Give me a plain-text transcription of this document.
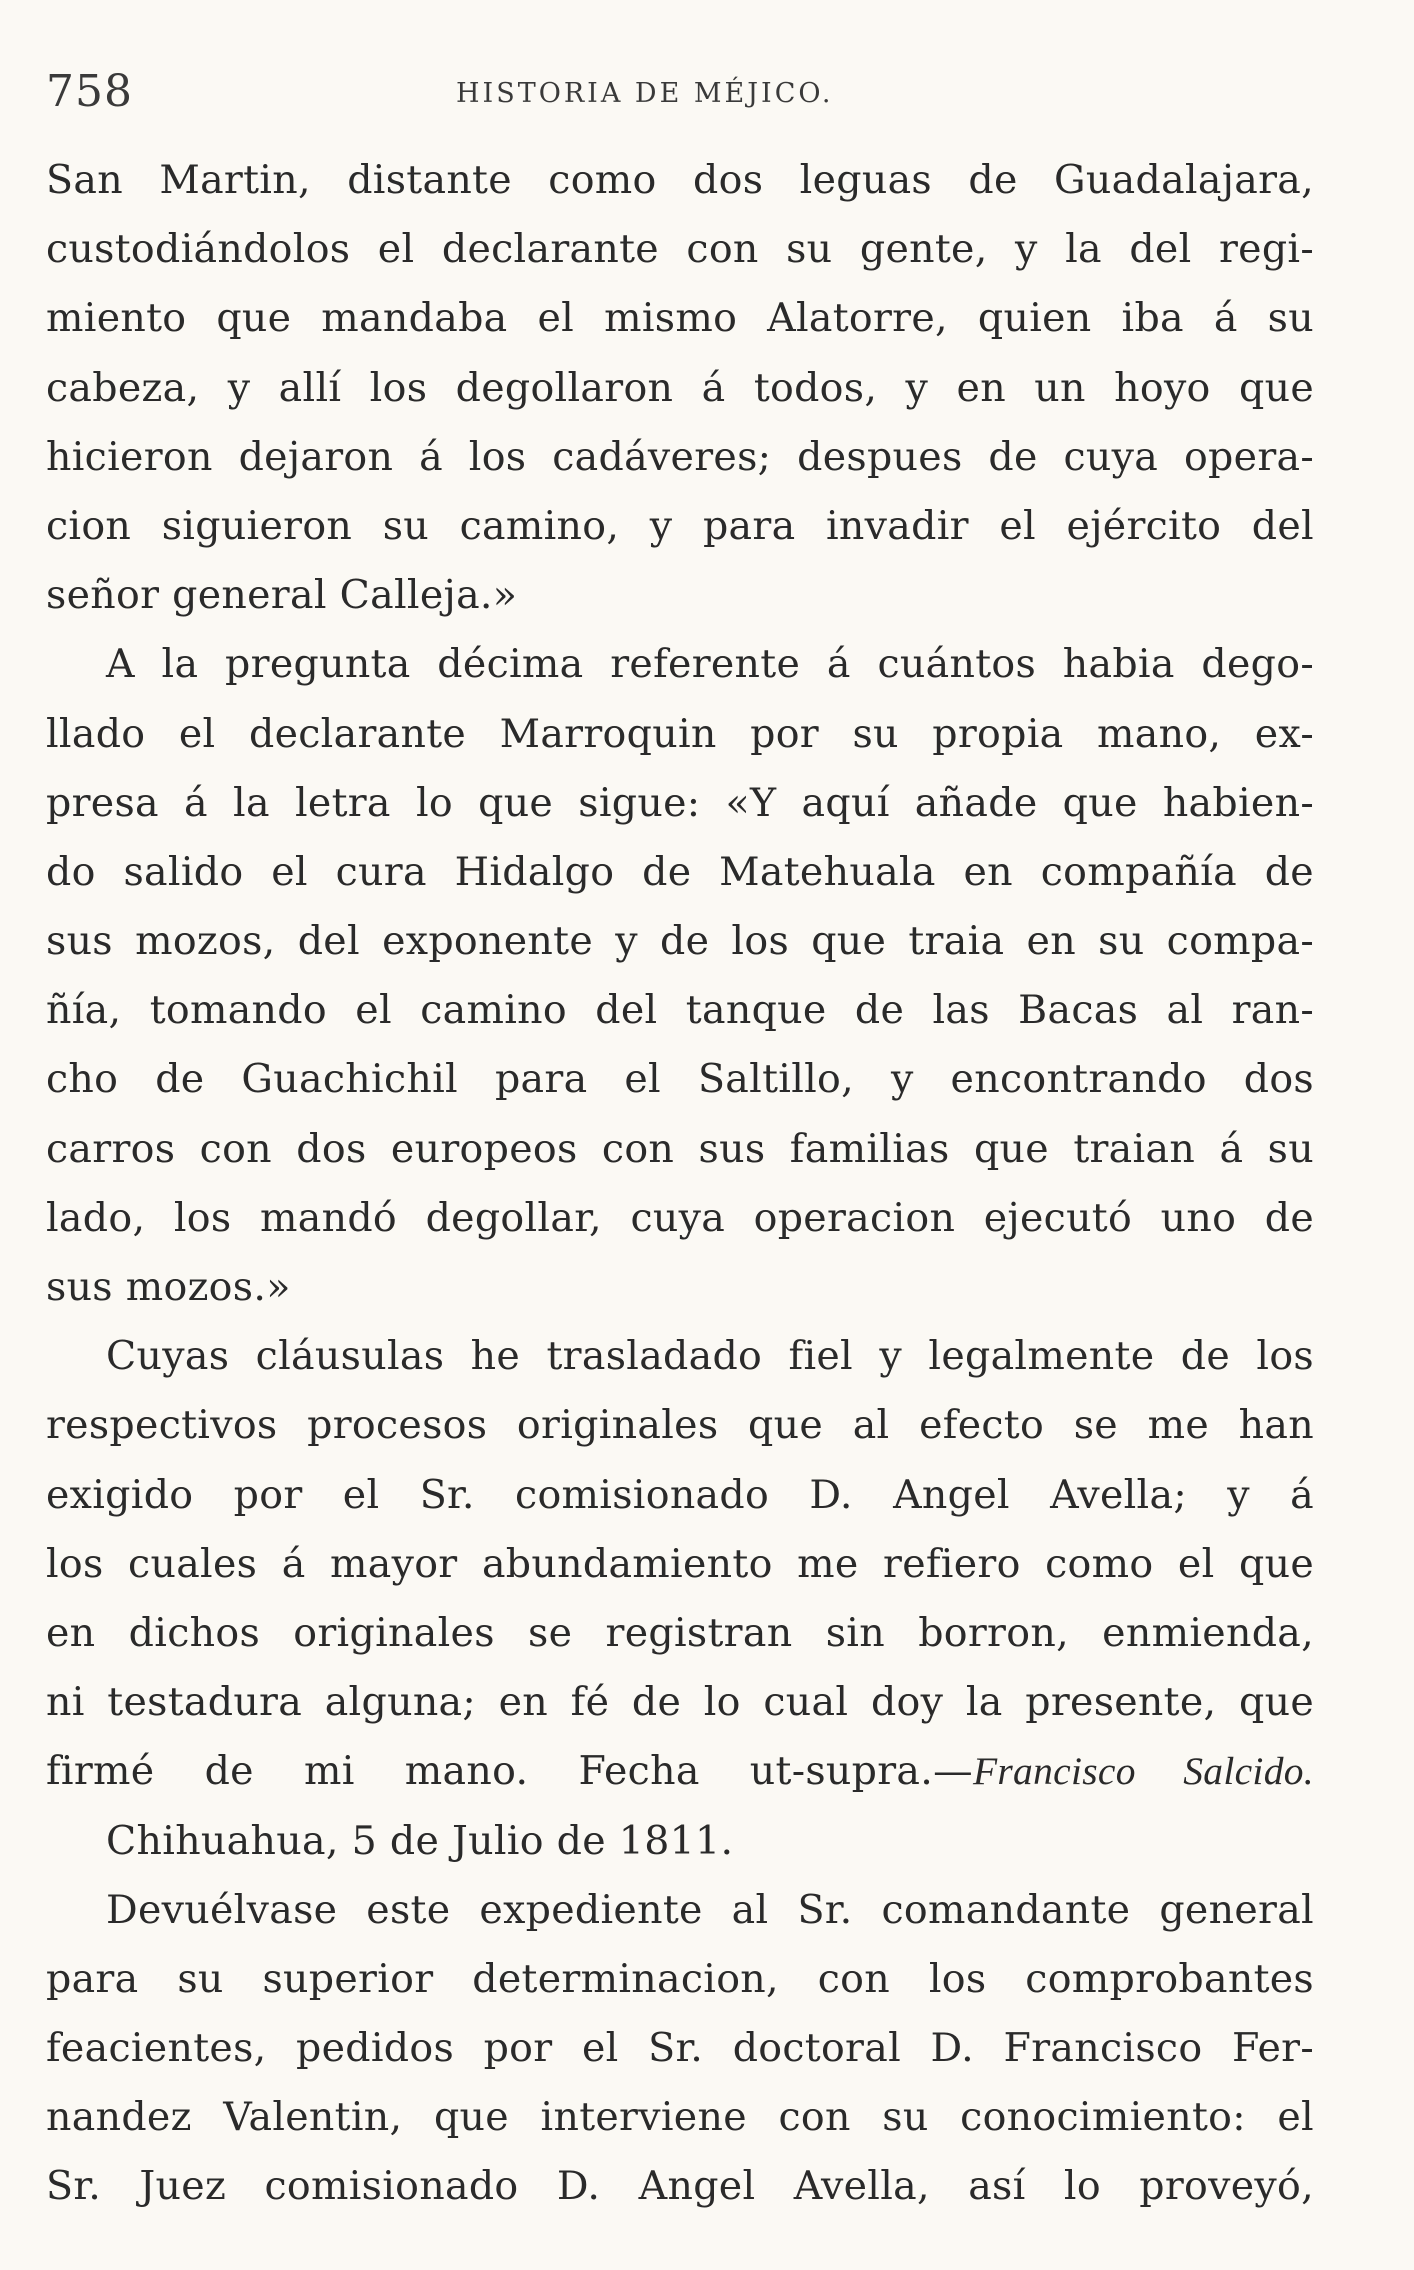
758	HISTORIA DE MÉJICO.
San Martin, distante como dos leguas de Guadalajara,
custodiándolos el declarante con su gente, y la del regi-
miento que mandaba el mismo Alatorre, quien iba á su
cabeza, y allí los degollaron á todos, y en un hoyo que
hicieron dejaron á los cadáveres; despues de cuya opera-
cion siguieron su camino, y para invadir el ejército del
señor general Calleja.»
A la pregunta décima referente á cuántos habia dego-
llado el declarante Marroquin por su propia mano, ex-
presa á la letra lo que sigue: «Y aquí añade que habien-
do salido el cura Hidalgo de Matehuala en compañía de
sus mozos, del exponente y de los que traia en su compa-
ñía, tomando el camino del tanque de las Bacas al ran-
cho de Guachichil para el Saltillo, y encontrando dos
carros con dos europeos con sus familias que traian á su
lado, los mandó degollar, cuya operacion ejecutó uno de
sus mozos.»
Cuyas cláusulas he trasladado fiel y legalmente de los
respectivos procesos originales que al efecto se me han
exigido por el Sr. comisionado D. Angel Avella; y á
los cuales á mayor abundamiento me refiero como el que
en dichos originales se registran sin borron, enmienda,
ni testadura alguna; en fé de lo cual doy la presente, que
firmé de mi mano. Fecha ut-supra.—Francisco Salcido.
Chihuahua, 5 de Julio de 1811.
Devuélvase este expediente al Sr. comandante general
para su superior determinacion, con los comprobantes
feacientes, pedidos por el Sr. doctoral D. Francisco Fer-
nandez Valentin, que interviene con su conocimiento: el
Sr. Juez comisionado D. Angel Avella, así lo proveyó,
